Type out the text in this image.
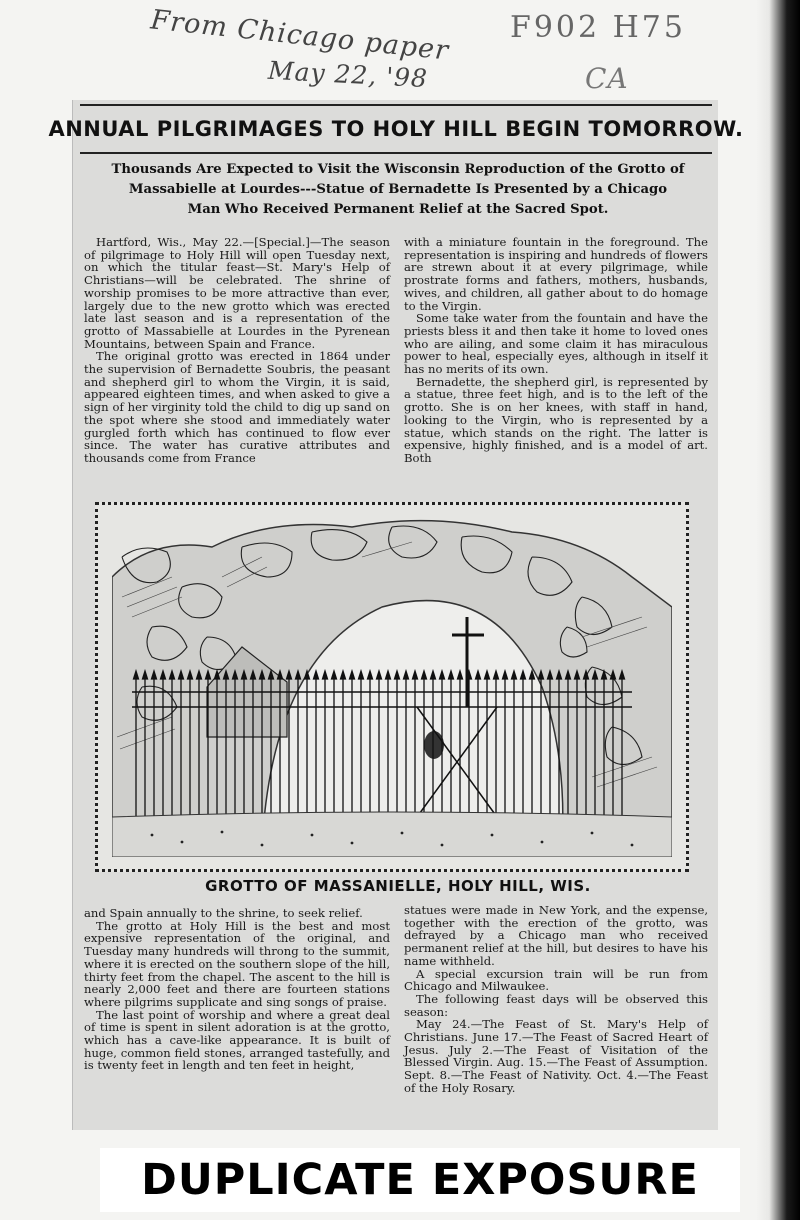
From Chicago paper
May 22, '98
F902 H75
CA
ANNUAL PILGRIMAGES TO HOLY HILL BEGIN TOMORROW.
Thousands Are Expected to Visit the Wisconsin Reproduction of the Grotto of
Massabielle at Lourdes---Statue of Bernadette Is Presented by a Chicago
Man Who Received Permanent Relief at the Sacred Spot.

Hartford, Wis., May 22.—[Special.]—The season of pilgrimage to Holy Hill will open Tuesday next, on which the titular feast—St. Mary's Help of Christians—will be celebrated. The shrine of worship promises to be more attractive than ever, largely due to the new grotto which was erected late last season and is a representation of the grotto of Massabielle at Lourdes in the Pyrenean Mountains, between Spain and France.

The original grotto was erected in 1864 under the supervision of Bernadette Soubris, the peasant and shepherd girl to whom the Virgin, it is said, appeared eighteen times, and when asked to give a sign of her virginity told the child to dig up sand on the spot where she stood and immediately water gurgled forth which has continued to flow ever since. The water has curative attributes and thousands come from France

with a miniature fountain in the foreground. The representation is inspiring and hundreds of flowers are strewn about it at every pilgrimage, while prostrate forms and fathers, mothers, husbands, wives, and children, all gather about to do homage to the Virgin.

Some take water from the fountain and have the priests bless it and then take it home to loved ones who are ailing, and some claim it has miraculous power to heal, especially eyes, although in itself it has no merits of its own.

Bernadette, the shepherd girl, is represented by a statue, three feet high, and is to the left of the grotto. She is on her knees, with staff in hand, looking to the Virgin, who is represented by a statue, which stands on the right. The latter is expensive, highly finished, and is a model of art. Both

GROTTO OF MASSANIELLE, HOLY HILL, WIS.

and Spain annually to the shrine, to seek relief.

The grotto at Holy Hill is the best and most expensive representation of the original, and Tuesday many hundreds will throng to the summit, where it is erected on the southern slope of the hill, thirty feet from the chapel. The ascent to the hill is nearly 2,000 feet and there are fourteen stations where pilgrims supplicate and sing songs of praise.

The last point of worship and where a great deal of time is spent in silent adoration is at the grotto, which has a cave-like appearance. It is built of huge, common field stones, arranged tastefully, and is twenty feet in length and ten feet in height,

statues were made in New York, and the expense, together with the erection of the grotto, was defrayed by a Chicago man who received permanent relief at the hill, but desires to have his name withheld.

A special excursion train will be run from Chicago and Milwaukee.

The following feast days will be observed this season:

May 24.—The Feast of St. Mary's Help of Christians. June 17.—The Feast of Sacred Heart of Jesus. July 2.—The Feast of Visitation of the Blessed Virgin. Aug. 15.—The Feast of Assumption. Sept. 8.—The Feast of Nativity. Oct. 4.—The Feast of the Holy Rosary.

DUPLICATE EXPOSURE
